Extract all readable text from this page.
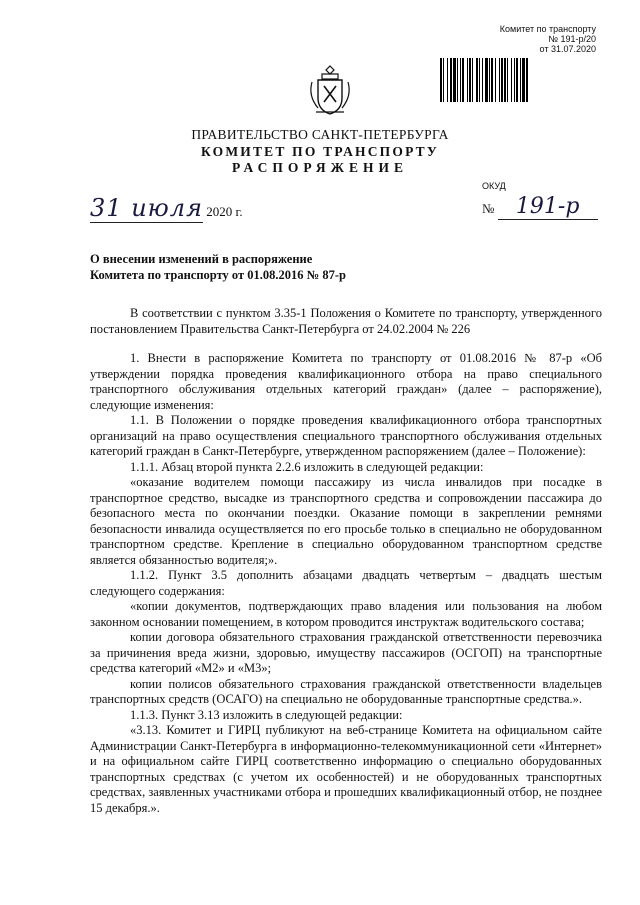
Комитет по транспорту
№ 191-р/20
от 31.07.2020
ПРАВИТЕЛЬСТВО САНКТ-ПЕТЕРБУРГА
КОМИТЕТ ПО ТРАНСПОРТУ
РАСПОРЯЖЕНИЕ
ОКУД
31 июля 2020 г.	№ 191-р
О внесении изменений в распоряжение
Комитета по транспорту от 01.08.2016 № 87-р

В соответствии с пунктом 3.35-1 Положения о Комитете по транспорту, утвержденного постановлением Правительства Санкт-Петербурга от 24.02.2004 № 226

1. Внести в распоряжение Комитета по транспорту от 01.08.2016 № 87-р «Об утверждении порядка проведения квалификационного отбора на право специального транспортного обслуживания отдельных категорий граждан» (далее – распоряжение), следующие изменения:

1.1. В Положении о порядке проведения квалификационного отбора транспортных организаций на право осуществления специального транспортного обслуживания отдельных категорий граждан в Санкт-Петербурге, утвержденном распоряжением (далее – Положение):

1.1.1. Абзац второй пункта 2.2.6 изложить в следующей редакции:

«оказание водителем помощи пассажиру из числа инвалидов при посадке в транспортное средство, высадке из транспортного средства и сопровождении пассажира до безопасного места по окончании поездки. Оказание помощи в закреплении ремнями безопасности инвалида осуществляется по его просьбе только в специально не оборудованном транспортном средстве. Крепление в специально оборудованном транспортном средстве является обязанностью водителя;».

1.1.2. Пункт 3.5 дополнить абзацами двадцать четвертым – двадцать шестым следующего содержания:

«копии документов, подтверждающих право владения или пользования на любом законном основании помещением, в котором проводится инструктаж водительского состава;

копии договора обязательного страхования гражданской ответственности перевозчика за причинения вреда жизни, здоровью, имуществу пассажиров (ОСГОП) на транспортные средства категорий «М2» и «М3»;

копии полисов обязательного страхования гражданской ответственности владельцев транспортных средств (ОСАГО) на специально не оборудованные транспортные средства.».

1.1.3. Пункт 3.13 изложить в следующей редакции:

«3.13. Комитет и ГИРЦ публикуют на веб-странице Комитета на официальном сайте Администрации Санкт-Петербурга в информационно-телекоммуникационной сети «Интернет» и на официальном сайте ГИРЦ соответственно информацию о специально оборудованных транспортных средствах (с учетом их особенностей) и не оборудованных транспортных средствах, заявленных участниками отбора и прошедших квалификационный отбор, не позднее 15 декабря.».
